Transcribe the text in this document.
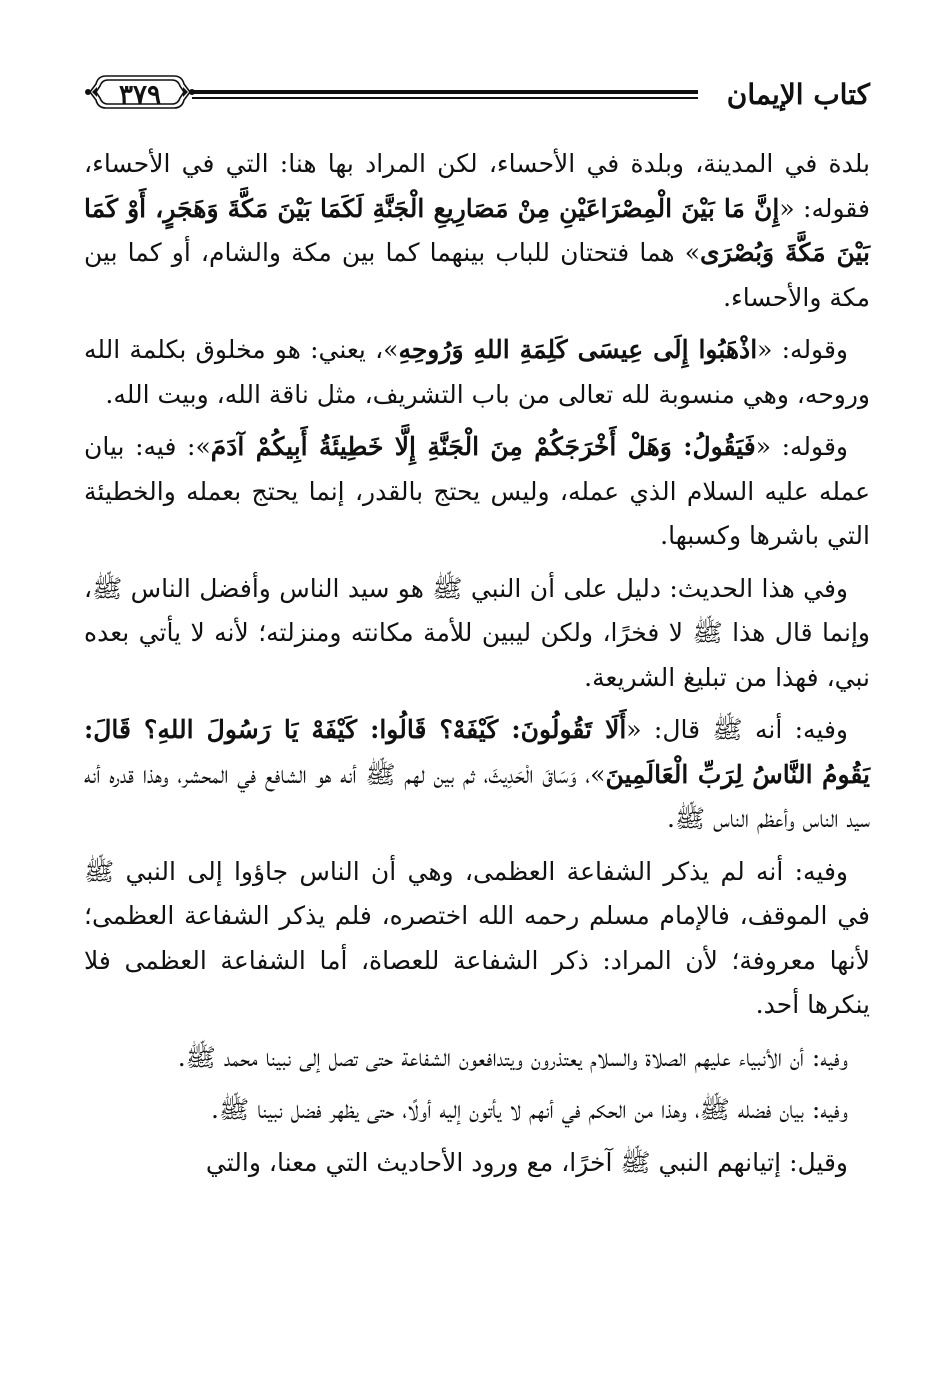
كتاب الإيمان
٣٧٩

بلدة في المدينة، وبلدة في الأحساء، لكن المراد بها هنا: التي في الأحساء، فقوله: «إِنَّ مَا بَيْنَ الْمِصْرَاعَيْنِ مِنْ مَصَارِيعِ الْجَنَّةِ لَكَمَا بَيْنَ مَكَّةَ وَهَجَرٍ، أَوْ كَمَا بَيْنَ مَكَّةَ وَبُصْرَى» هما فتحتان للباب بينهما كما بين مكة والشام، أو كما بين مكة والأحساء.

وقوله: «اذْهَبُوا إِلَى عِيسَى كَلِمَةِ اللهِ وَرُوحِهِ»، يعني: هو مخلوق بكلمة الله وروحه، وهي منسوبة لله تعالى من باب التشريف، مثل ناقة الله، وبيت الله.

وقوله: «فَيَقُولُ: وَهَلْ أَخْرَجَكُمْ مِنَ الْجَنَّةِ إِلَّا خَطِيئَةُ أَبِيكُمْ آدَمَ»: فيه: بيان عمله عليه السلام الذي عمله، وليس يحتج بالقدر، إنما يحتج بعمله والخطيئة التي باشرها وكسبها.

وفي هذا الحديث: دليل على أن النبي ﷺ هو سيد الناس وأفضل الناس ﷺ، وإنما قال هذا ﷺ لا فخرًا، ولكن ليبين للأمة مكانته ومنزلته؛ لأنه لا يأتي بعده نبي، فهذا من تبليغ الشريعة.

وفيه: أنه ﷺ قال: «أَلَا تَقُولُونَ: كَيْفَهْ؟ قَالُوا: كَيْفَهْ يَا رَسُولَ اللهِ؟ قَالَ: يَقُومُ النَّاسُ لِرَبِّ الْعَالَمِينَ»، وَسَاقَ الْحَدِيثَ، ثم بين لهم ﷺ أنه هو الشافع في المحشر، وهذا قدره أنه سيد الناس وأعظم الناس ﷺ.

وفيه: أنه لم يذكر الشفاعة العظمى، وهي أن الناس جاؤوا إلى النبي ﷺ في الموقف، فالإمام مسلم رحمه الله اختصره، فلم يذكر الشفاعة العظمى؛ لأنها معروفة؛ لأن المراد: ذكر الشفاعة للعصاة، أما الشفاعة العظمى فلا ينكرها أحد.

وفيه: أن الأنبياء عليهم الصلاة والسلام يعتذرون ويتدافعون الشفاعة حتى تصل إلى نبينا محمد ﷺ.

وفيه: بيان فضله ﷺ، وهذا من الحكم في أنهم لا يأتون إليه أولًا، حتى يظهر فضل نبينا ﷺ.

وقيل: إتيانهم النبي ﷺ آخرًا، مع ورود الأحاديث التي معنا، والتي
